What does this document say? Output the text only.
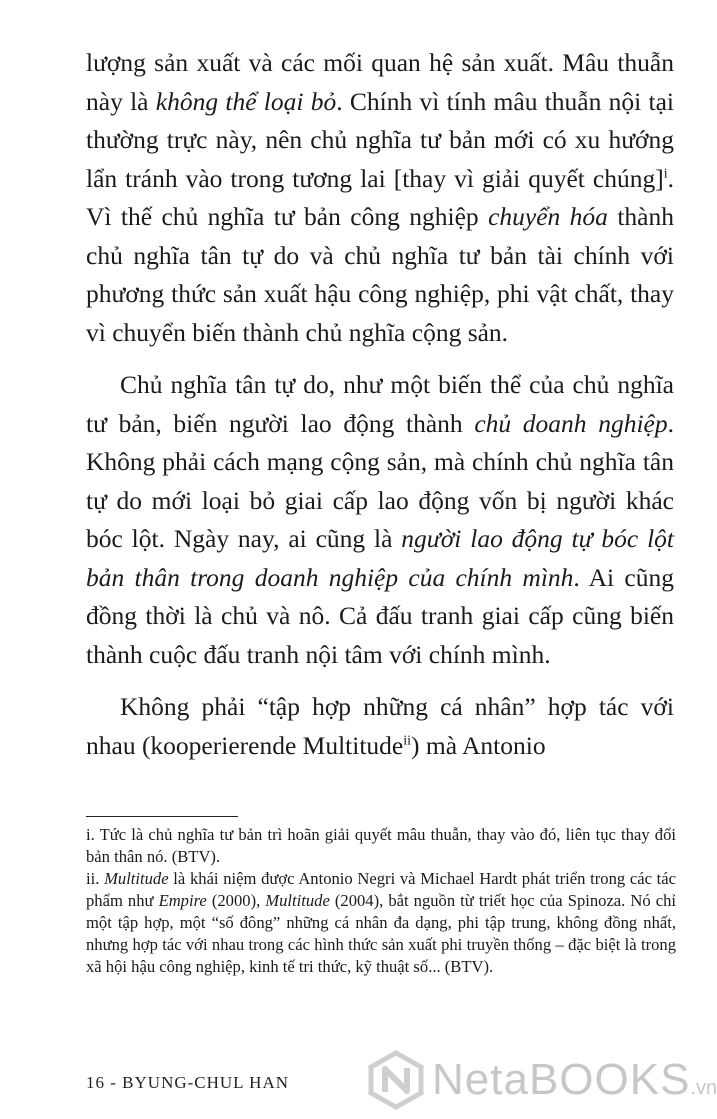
lượng sản xuất và các mối quan hệ sản xuất. Mâu thuẫn này là không thể loại bỏ. Chính vì tính mâu thuẫn nội tại thường trực này, nên chủ nghĩa tư bản mới có xu hướng lẩn tránh vào trong tương lai [thay vì giải quyết chúng]$^i$. Vì thế chủ nghĩa tư bản công nghiệp chuyển hóa thành chủ nghĩa tân tự do và chủ nghĩa tư bản tài chính với phương thức sản xuất hậu công nghiệp, phi vật chất, thay vì chuyển biến thành chủ nghĩa cộng sản.

Chủ nghĩa tân tự do, như một biến thể của chủ nghĩa tư bản, biến người lao động thành chủ doanh nghiệp. Không phải cách mạng cộng sản, mà chính chủ nghĩa tân tự do mới loại bỏ giai cấp lao động vốn bị người khác bóc lột. Ngày nay, ai cũng là người lao động tự bóc lột bản thân trong doanh nghiệp của chính mình. Ai cũng đồng thời là chủ và nô. Cả đấu tranh giai cấp cũng biến thành cuộc đấu tranh nội tâm với chính mình.

Không phải “tập hợp những cá nhân” hợp tác với nhau (kooperierende Multitude$^{ii}$) mà Antonio

i. Tức là chủ nghĩa tư bản trì hoãn giải quyết mâu thuẫn, thay vào đó, liên tục thay đổi bản thân nó. (BTV).

ii. Multitude là khái niệm được Antonio Negri và Michael Hardt phát triển trong các tác phẩm như Empire (2000), Multitude (2004), bắt nguồn từ triết học của Spinoza. Nó chỉ một tập hợp, một “số đông” những cá nhân đa dạng, phi tập trung, không đồng nhất, nhưng hợp tác với nhau trong các hình thức sản xuất phi truyền thống – đặc biệt là trong xã hội hậu công nghiệp, kinh tế tri thức, kỹ thuật số... (BTV).

16 - BYUNG-CHUL HAN	NetaBOOKS.vn
